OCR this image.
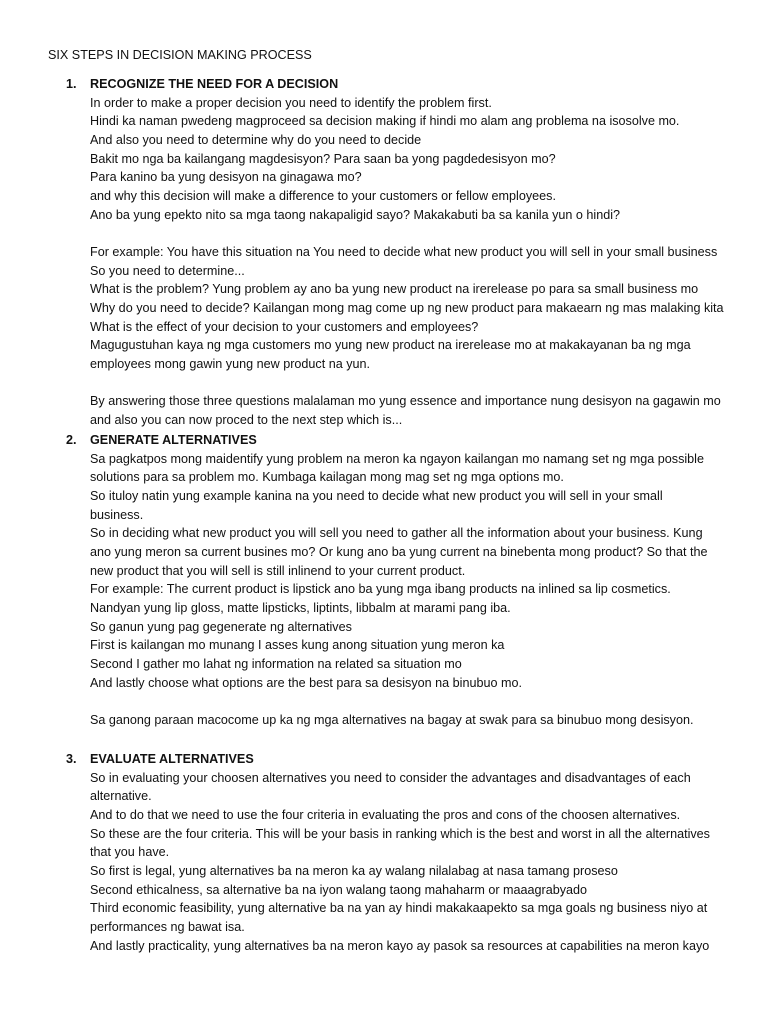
SIX STEPS IN DECISION MAKING PROCESS
1.	RECOGNIZE THE NEED FOR A DECISION
In order to make a proper decision you need to identify the problem first.
Hindi ka naman pwedeng magproceed sa decision making if hindi mo alam ang problema na isosolve mo.
And also you need to determine why do you need to decide
Bakit mo nga ba kailangang magdesisyon? Para saan ba yong pagdedesisyon mo?
Para kanino ba yung desisyon na ginagawa mo?
and why this decision will make a difference to your customers or fellow employees.
Ano ba yung epekto nito sa mga taong nakapaligid sayo? Makakabuti ba sa kanila yun o hindi?

For example: You have this situation na You need to decide what new product you will sell in your small business
So you need to determine...
What is the problem? Yung problem ay ano ba yung new product na irerelease po para sa small business mo
Why do you need to decide? Kailangan mong mag come up ng new product para makaearn ng mas malaking kita
What is the effect of your decision to your customers and employees?
Magugustuhan kaya ng mga customers mo yung new product na irerelease mo at makakayanan ba ng mga
employees mong gawin yung new product na yun.

By answering those three questions malalaman mo yung essence and importance nung desisyon na gagawin mo
and also you can now proced to the next step which is...
2.	GENERATE ALTERNATIVES
Sa pagkatpos mong maidentify yung problem na meron ka ngayon kailangan mo namang set ng mga possible
solutions para sa problem mo. Kumbaga kailagan mong mag set ng mga options mo.
So ituloy natin yung example kanina na you need to decide what new product you will sell in your small
business.
So in deciding what new product you will sell you need to gather all the information about your business. Kung
ano yung meron sa current busines mo? Or kung ano ba yung current na binebenta mong product? So that the
new product that you will sell is still inlinend to your current product.
For example: The current product is lipstick ano ba yung mga ibang products na inlined sa lip cosmetics.
Nandyan yung lip gloss, matte lipsticks, liptints, libbalm at marami pang iba.
So ganun yung pag gegenerate ng alternatives
First is kailangan mo munang I asses kung anong situation yung meron ka
Second I gather mo lahat ng information na related sa situation mo
And lastly choose what options are the best para sa desisyon na binubuo mo.

Sa ganong paraan macocome up ka ng mga alternatives na bagay at swak para sa binubuo mong desisyon.
3.	EVALUATE ALTERNATIVES
So in evaluating your choosen alternatives you need to consider the advantages and disadvantages of each
alternative.
And to do that we need to use the four criteria in evaluating the pros and cons of the choosen alternatives.
So these are the four criteria. This will be your basis in ranking which is the best and worst in all the alternatives
that you have.
So first is legal, yung alternatives ba na meron ka ay walang nilalabag at nasa tamang proseso
Second ethicalness, sa alternative ba na iyon walang taong mahaharm or maaagrabyado
Third economic feasibility, yung alternative ba na yan ay hindi makakaapekto sa mga goals ng business niyo at
performances ng bawat isa.
And lastly practicality, yung alternatives ba na meron kayo ay pasok sa resources at capabilities na meron kayo
